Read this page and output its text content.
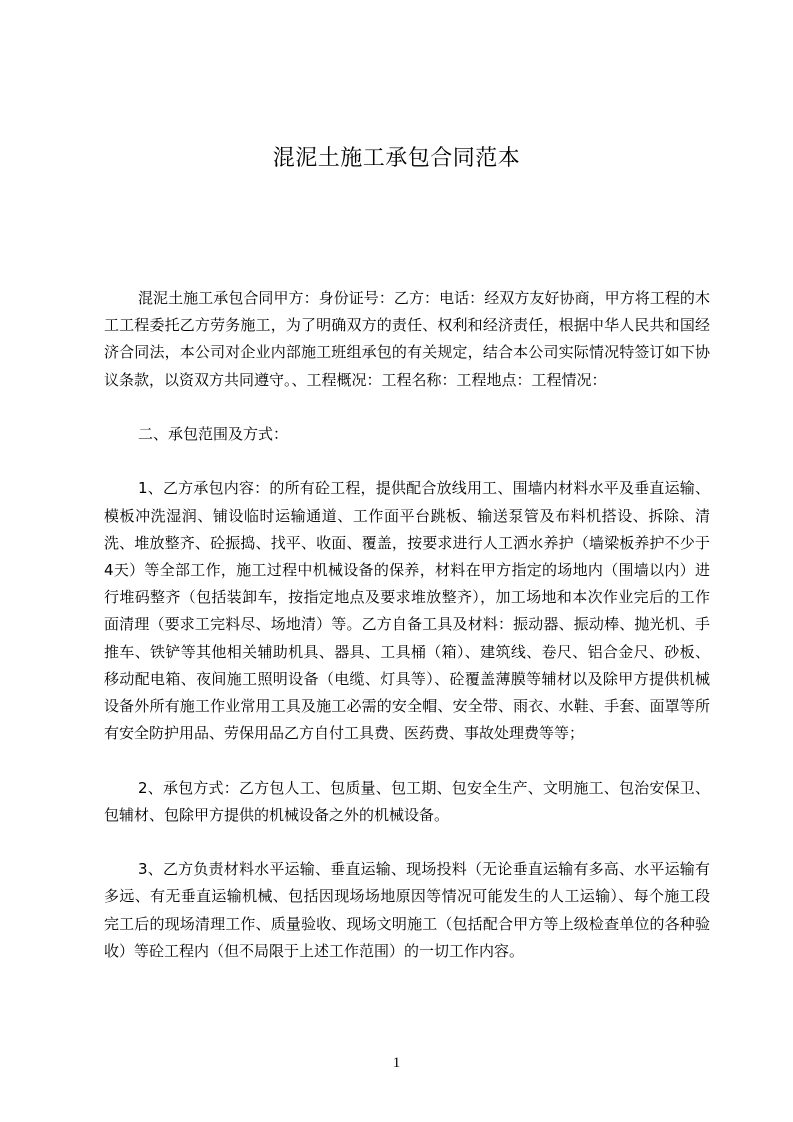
混泥土施工承包合同范本

混泥土施工承包合同甲方：身份证号：乙方：电话：经双方友好协商，甲方将工程的木工工程委托乙方劳务施工，为了明确双方的责任、权利和经济责任，根据中华人民共和国经济合同法，本公司对企业内部施工班组承包的有关规定，结合本公司实际情况特签订如下协议条款，以资双方共同遵守。、工程概况：工程名称：工程地点：工程情况：

二、承包范围及方式：

1、乙方承包内容：的所有砼工程，提供配合放线用工、围墙内材料水平及垂直运输、模板冲洗湿润、铺设临时运输通道、工作面平台跳板、输送泵管及布料机搭设、拆除、清洗、堆放整齐、砼振捣、找平、收面、覆盖，按要求进行人工洒水养护（墙梁板养护不少于4天）等全部工作，施工过程中机械设备的保养，材料在甲方指定的场地内（围墙以内）进行堆码整齐（包括装卸车，按指定地点及要求堆放整齐），加工场地和本次作业完后的工作面清理（要求工完料尽、场地清）等。乙方自备工具及材料：振动器、振动棒、抛光机、手推车、铁铲等其他相关辅助机具、器具、工具桶（箱）、建筑线、卷尺、铝合金尺、砂板、移动配电箱、夜间施工照明设备（电缆、灯具等）、砼覆盖薄膜等辅材以及除甲方提供机械设备外所有施工作业常用工具及施工必需的安全帽、安全带、雨衣、水鞋、手套、面罩等所有安全防护用品、劳保用品乙方自付工具费、医药费、事故处理费等等；

2、承包方式：乙方包人工、包质量、包工期、包安全生产、文明施工、包治安保卫、包辅材、包除甲方提供的机械设备之外的机械设备。

3、乙方负责材料水平运输、垂直运输、现场投料（无论垂直运输有多高、水平运输有多远、有无垂直运输机械、包括因现场场地原因等情况可能发生的人工运输）、每个施工段完工后的现场清理工作、质量验收、现场文明施工（包括配合甲方等上级检查单位的各种验收）等砼工程内（但不局限于上述工作范围）的一切工作内容。

1
